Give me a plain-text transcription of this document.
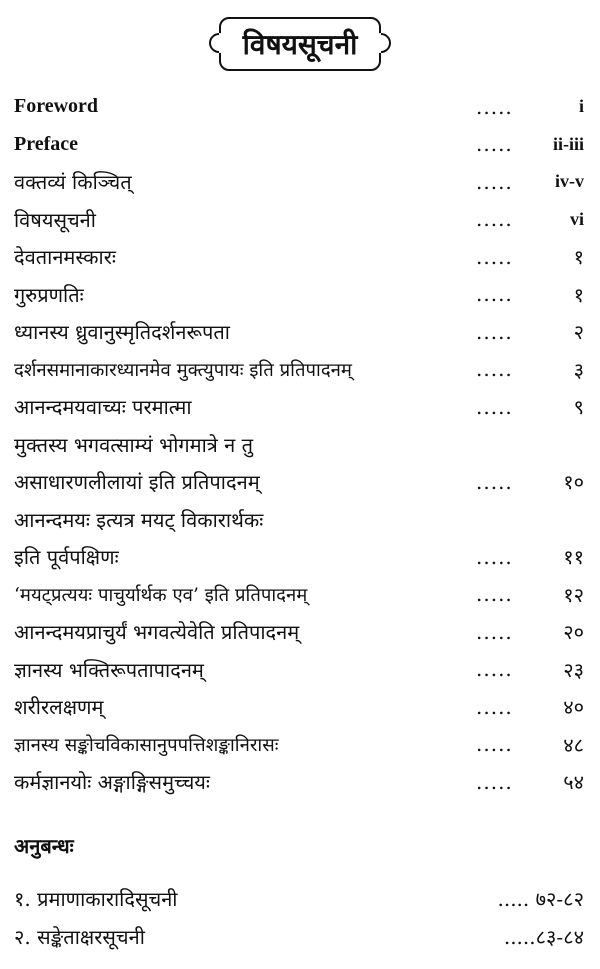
विषयसूचनी
Foreword	.....	i
Preface	..... ii-iii
वक्तव्यं किञ्चित्	..... iv-v
विषयसूचनी	.....	vi
देवतानमस्कारः	.....	१
गुरुप्रणतिः	.....	१
ध्यानस्य ध्रुवानुस्मृतिदर्शनरूपता	.....	२
दर्शनसमानाकारध्यानमेव मुक्त्युपायः इति प्रतिपादनम्	.....	३
आनन्दमयवाच्यः परमात्मा	.....	९
मुक्तस्य भगवत्साम्यं भोगमात्रे न तु
असाधारणलीलायां इति प्रतिपादनम्	.....	१०
आनन्दमयः इत्यत्र मयट् विकारार्थकः
इति पूर्वपक्षिणः	.....	११
‘मयट्प्रत्ययः पाचुर्यार्थक एव’ इति प्रतिपादनम्	.....	१२
आनन्दमयप्राचुर्यं भगवत्येवेति प्रतिपादनम्	.....	२०
ज्ञानस्य भक्तिरूपतापादनम्	.....	२३
शरीरलक्षणम्	.....	४०
ज्ञानस्य सङ्कोचविकासानुपपत्तिशङ्कानिरासः	.....	४८
कर्मज्ञानयोः अङ्गाङ्गिसमुच्चयः	.....	५४
अनुबन्धः
१. प्रमाणाकारादिसूचनी	..... ७२-८२
२. सङ्केताक्षरसूचनी	.....८३-८४
